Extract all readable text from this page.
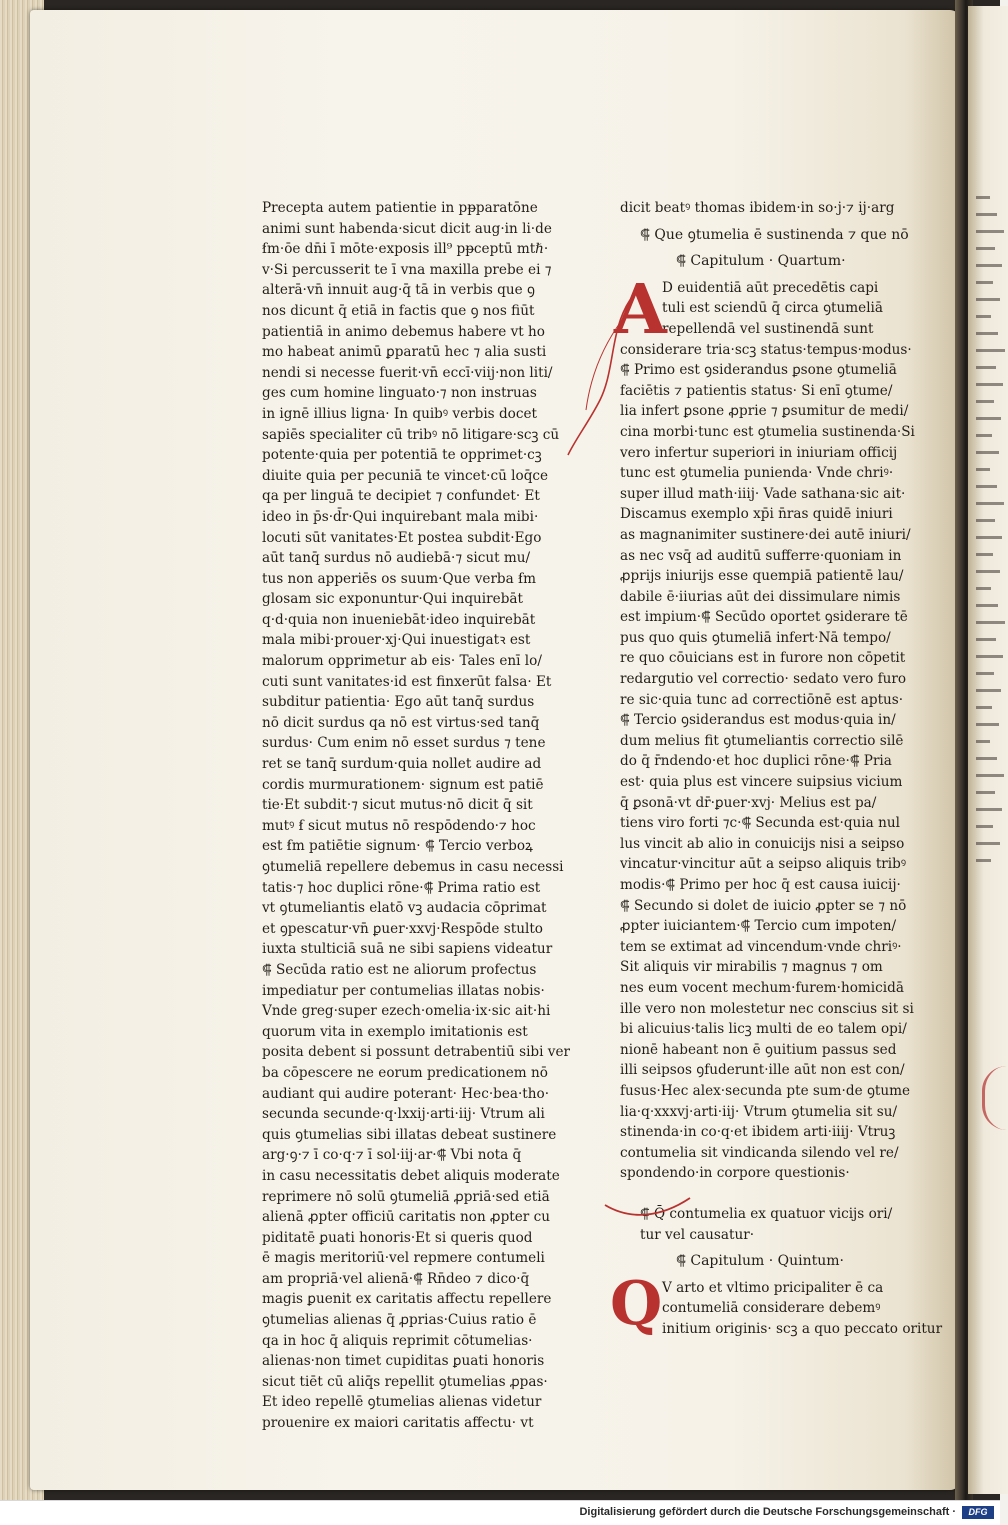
Precepta autem patientie in pᵽparatōne
animi sunt habenda·sicut dicit aug·in li·de
ẜm·ōe dn̄i ī mōte·exposis ill⁹ pᵽceptū mtℏ·
v·Si percusserit te ī vna maxilla prebe ei ⁊
alterā·vn̄ innuit aug·q̄ tā in verbis que ꝯ
nos dicunt q̄ etiā in factis que ꝯ nos fiūt
patientiā in animo debemus habere vt ho
mo habeat animū ꝑparatū hec ⁊ alia susti
nendi si necesse fuerit·vn̄ eccī·viij·non liti/
ges cum homine linguato·⁊ non instruas
in ignē illius ligna· In quibꝰ verbis docet
sapiēs specialiter cū tribꝰ nō litigare·scꝫ cū
potente·quia per potentiā te opprimet·cꝫ
diuite quia per pecuniā te vincet·cū loq̄ce
qa per linguā te decipiet ⁊ confundet· Et
ideo in p̄s·d̄r·Qui inquirebant mala mibi·
locuti sūt vanitates·Et postea subdit·Ego
aūt tanq̄ surdus nō audiebā·⁊ sicut mu/
tus non apperiēs os suum·Que verba ẜm
glosam sic exponuntur·Qui inquirebāt
q·d·quia non inueniebāt·ideo inquirebāt
mala mibi·prouer·xj·Qui inuestigatꝛ est
malorum opprimetur ab eis· Tales enī lo/
cuti sunt vanitates·id est finxerūt falsa· Et
subditur patientia· Ego aūt tanq̄ surdus
nō dicit surdus qa nō est virtus·sed tanq̄
surdus· Cum enim nō esset surdus ⁊ tene
ret se tanq̄ surdum·quia nollet audire ad
cordis murmurationem· signum est patiē
tie·Et subdit·⁊ sicut mutus·nō dicit q̄ sit
mutꝰ ẜ sicut mutus nō respōdendo·⁊ hoc
est ẜm patiētie signum· ⸿ Tercio verboꝝ
ꝯtumeliā repellere debemus in casu necessi
tatis·⁊ hoc duplici rōne·⸿ Prima ratio est
vt ꝯtumeliantis elatō vꝫ audacia cōprimat
et ꝯpescatur·vn̄ ꝑuer·xxvj·Respōde stulto
iuxta stulticiā suā ne sibi sapiens videatur
⸿ Secūda ratio est ne aliorum profectus
impediatur per contumelias illatas nobis·
Vnde greg·super ezech·omelia·ix·sic ait·hi
quorum vita in exemplo imitationis est
posita debent si possunt detrabentiū sibi ver
ba cōpescere ne eorum predicationem nō
audiant qui audire poterant· Hec·bea·tho·
secunda secunde·q·lxxij·arti·iij· Vtrum ali
quis ꝯtumelias sibi illatas debeat sustinere
arg·ꝯ·⁊ ī co·q·⁊ ī sol·iij·ar·⸿ Vbi nota q̄
in casu necessitatis debet aliquis moderate
reprimere nō solū ꝯtumeliā ꝓpriā·sed etiā
alienā ꝓpter officiū caritatis non ꝓpter cu
piditatē ꝑuati honoris·Et si queris quod
ē magis meritoriū·vel repmere contumeli
am propriā·vel alienā·⸿ Rn̄deo ⁊ dico·q̄
magis ꝑuenit ex caritatis affectu repellere
ꝯtumelias alienas q̄ ꝓprias·Cuius ratio ē
qa in hoc q̄ aliquis reprimit cōtumelias·
alienas·non timet cupiditas ꝑuati honoris
sicut tiēt cū aliq̄s repellit ꝯtumelias ꝓpas·
Et ideo repellē ꝯtumelias alienas videtur
prouenire ex maiori caritatis affectu· vt
dicit beatꝰ thomas ibidem·in so·j·⁊ ij·arg
⸿ Que ꝯtumelia ē sustinenda ⁊ que nō
⸿ Capitulum · Quartum·
A
D euidentiā aūt precedētis capi
tuli est sciendū q̄ circa ꝯtumeliā
repellendā vel sustinendā sunt
considerare tria·scꝫ status·tempus·modus·
⸿ Primo est ꝯsiderandus ꝑsone ꝯtumeliā
faciētis ⁊ patientis status· Si enī ꝯtume/
lia infert ꝑsone ꝓprie ⁊ ꝑsumitur de medi/
cina morbi·tunc est ꝯtumelia sustinenda·Si
vero infertur superiori in iniuriam officij
tunc est ꝯtumelia punienda· Vnde chriꝰ·
super illud math·iiij· Vade sathana·sic ait·
Discamus exemplo xp̄i n̄ras quidē iniuri
as magnanimiter sustinere·dei autē iniuri/
as nec vsq̄ ad auditū sufferre·quoniam in
ꝓprijs iniurijs esse quempiā patientē lau/
dabile ē·iiurias aūt dei dissimulare nimis
est impium·⸿ Secūdo oportet ꝯsiderare tē
pus quo quis ꝯtumeliā infert·Nā tempo/
re quo cōuicians est in furore non cōpetit
redargutio vel correctio· sedato vero furo
re sic·quia tunc ad correctiōnē est aptus·
⸿ Tercio ꝯsiderandus est modus·quia in/
dum melius fit ꝯtumeliantis correctio silē
do q̄ r̄ndendo·et hoc duplici rōne·⸿ Pria
est· quia plus est vincere suipsius vicium
q̄ ꝑsonā·vt dr̄·ꝑuer·xvj· Melius est pa/
tiens viro forti ⁊c·⸿ Secunda est·quia nul
lus vincit ab alio in conuicijs nisi a seipso
vincatur·vincitur aūt a seipso aliquis tribꝰ
modis·⸿ Primo per hoc q̄ est causa iuicij·
⸿ Secundo si dolet de iuicio ꝓpter se ⁊ nō
ꝓpter iuiciantem·⸿ Tercio cum impoten/
tem se extimat ad vincendum·vnde chriꝰ·
Sit aliquis vir mirabilis ⁊ magnus ⁊ om
nes eum vocent mechum·furem·homicidā
ille vero non molestetur nec conscius sit si
bi alicuius·talis licꝫ multi de eo talem opi/
nionē habeant non ē ꝯuitium passus sed
illi seipsos ꝯfuderunt·ille aūt non est con/
fusus·Hec alex·secunda pte sum·de ꝯtume
lia·q·xxxvj·arti·iij· Vtrum ꝯtumelia sit su/
stinenda·in co·q·et ibidem arti·iiij· Vtruꝫ
contumelia sit vindicanda silendo vel re/
spondendo·in corpore questionis·
⸿ Q̄ contumelia ex quatuor vicijs ori/
tur vel causatur·
⸿ Capitulum · Quintum·
Q V arto et vltimo pricipaliter ē ca
contumeliā considerare debemꝰ
initium originis· scꝫ a quo peccato oritur
Digitalisierung gefördert durch die Deutsche Forschungsgemeinschaft ·	DFG
